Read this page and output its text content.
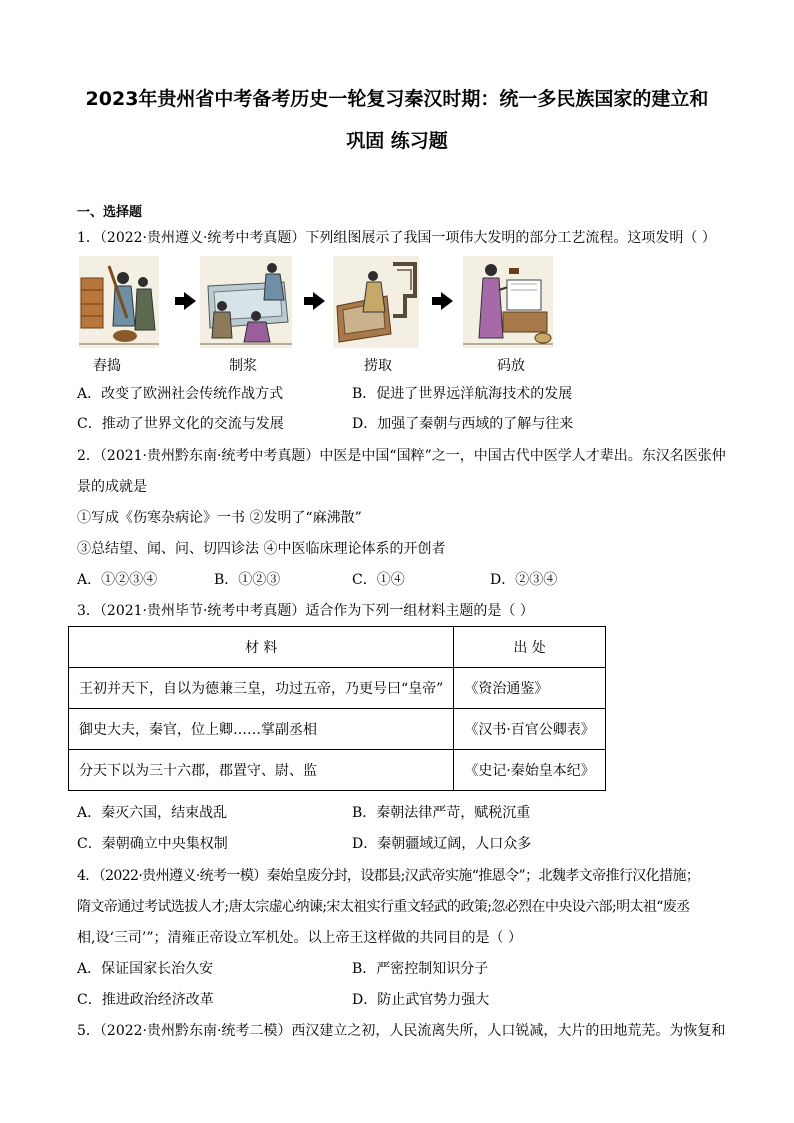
2023年贵州省中考备考历史一轮复习秦汉时期：统一多民族国家的建立和
巩固 练习题
一、选择题
1．（2022·贵州遵义·统考中考真题）下列组图展示了我国一项伟大发明的部分工艺流程。这项发明（ ）
舂捣	制浆	捞取	码放
A．改变了欧洲社会传统作战方式	B．促进了世界远洋航海技术的发展
C．推动了世界文化的交流与发展	D．加强了秦朝与西域的了解与往来
2．（2021·贵州黔东南·统考中考真题）中医是中国“国粹”之一，中国古代中医学人才辈出。东汉名医张仲
景的成就是
①写成《伤寒杂病论》一书 ②发明了“麻沸散”
③总结望、闻、问、切四诊法 ④中医临床理论体系的开创者
A．①②③④	B．①②③	C．①④	D．②③④
3．（2021·贵州毕节·统考中考真题）适合作为下列一组材料主题的是（ ）
材 料	出 处
王初并天下，自以为德兼三皇，功过五帝，乃更号曰“皇帝”	《资治通鉴》
御史大夫，秦官，位上卿……掌副丞相	《汉书·百官公卿表》
分天下以为三十六郡，郡置守、尉、监	《史记·秦始皇本纪》
A．秦灭六国，结束战乱	B．秦朝法律严苛，赋税沉重
C．秦朝确立中央集权制	D．秦朝疆域辽阔，人口众多
4．（2022·贵州遵义·统考一模）秦始皇废分封，设郡县;汉武帝实施“推恩令”；北魏孝文帝推行汉化措施；
隋文帝通过考试选拔人才;唐太宗虚心纳谏;宋太祖实行重文轻武的政策;忽必烈在中央设六部;明太祖“废丞
相,设‘三司’”；清雍正帝设立军机处。以上帝王这样做的共同目的是（ ）
A．保证国家长治久安	B．严密控制知识分子
C．推进政治经济改革	D．防止武官势力强大
5．（2022·贵州黔东南·统考二模）西汉建立之初，人民流离失所，人口锐减，大片的田地荒芜。为恢复和
